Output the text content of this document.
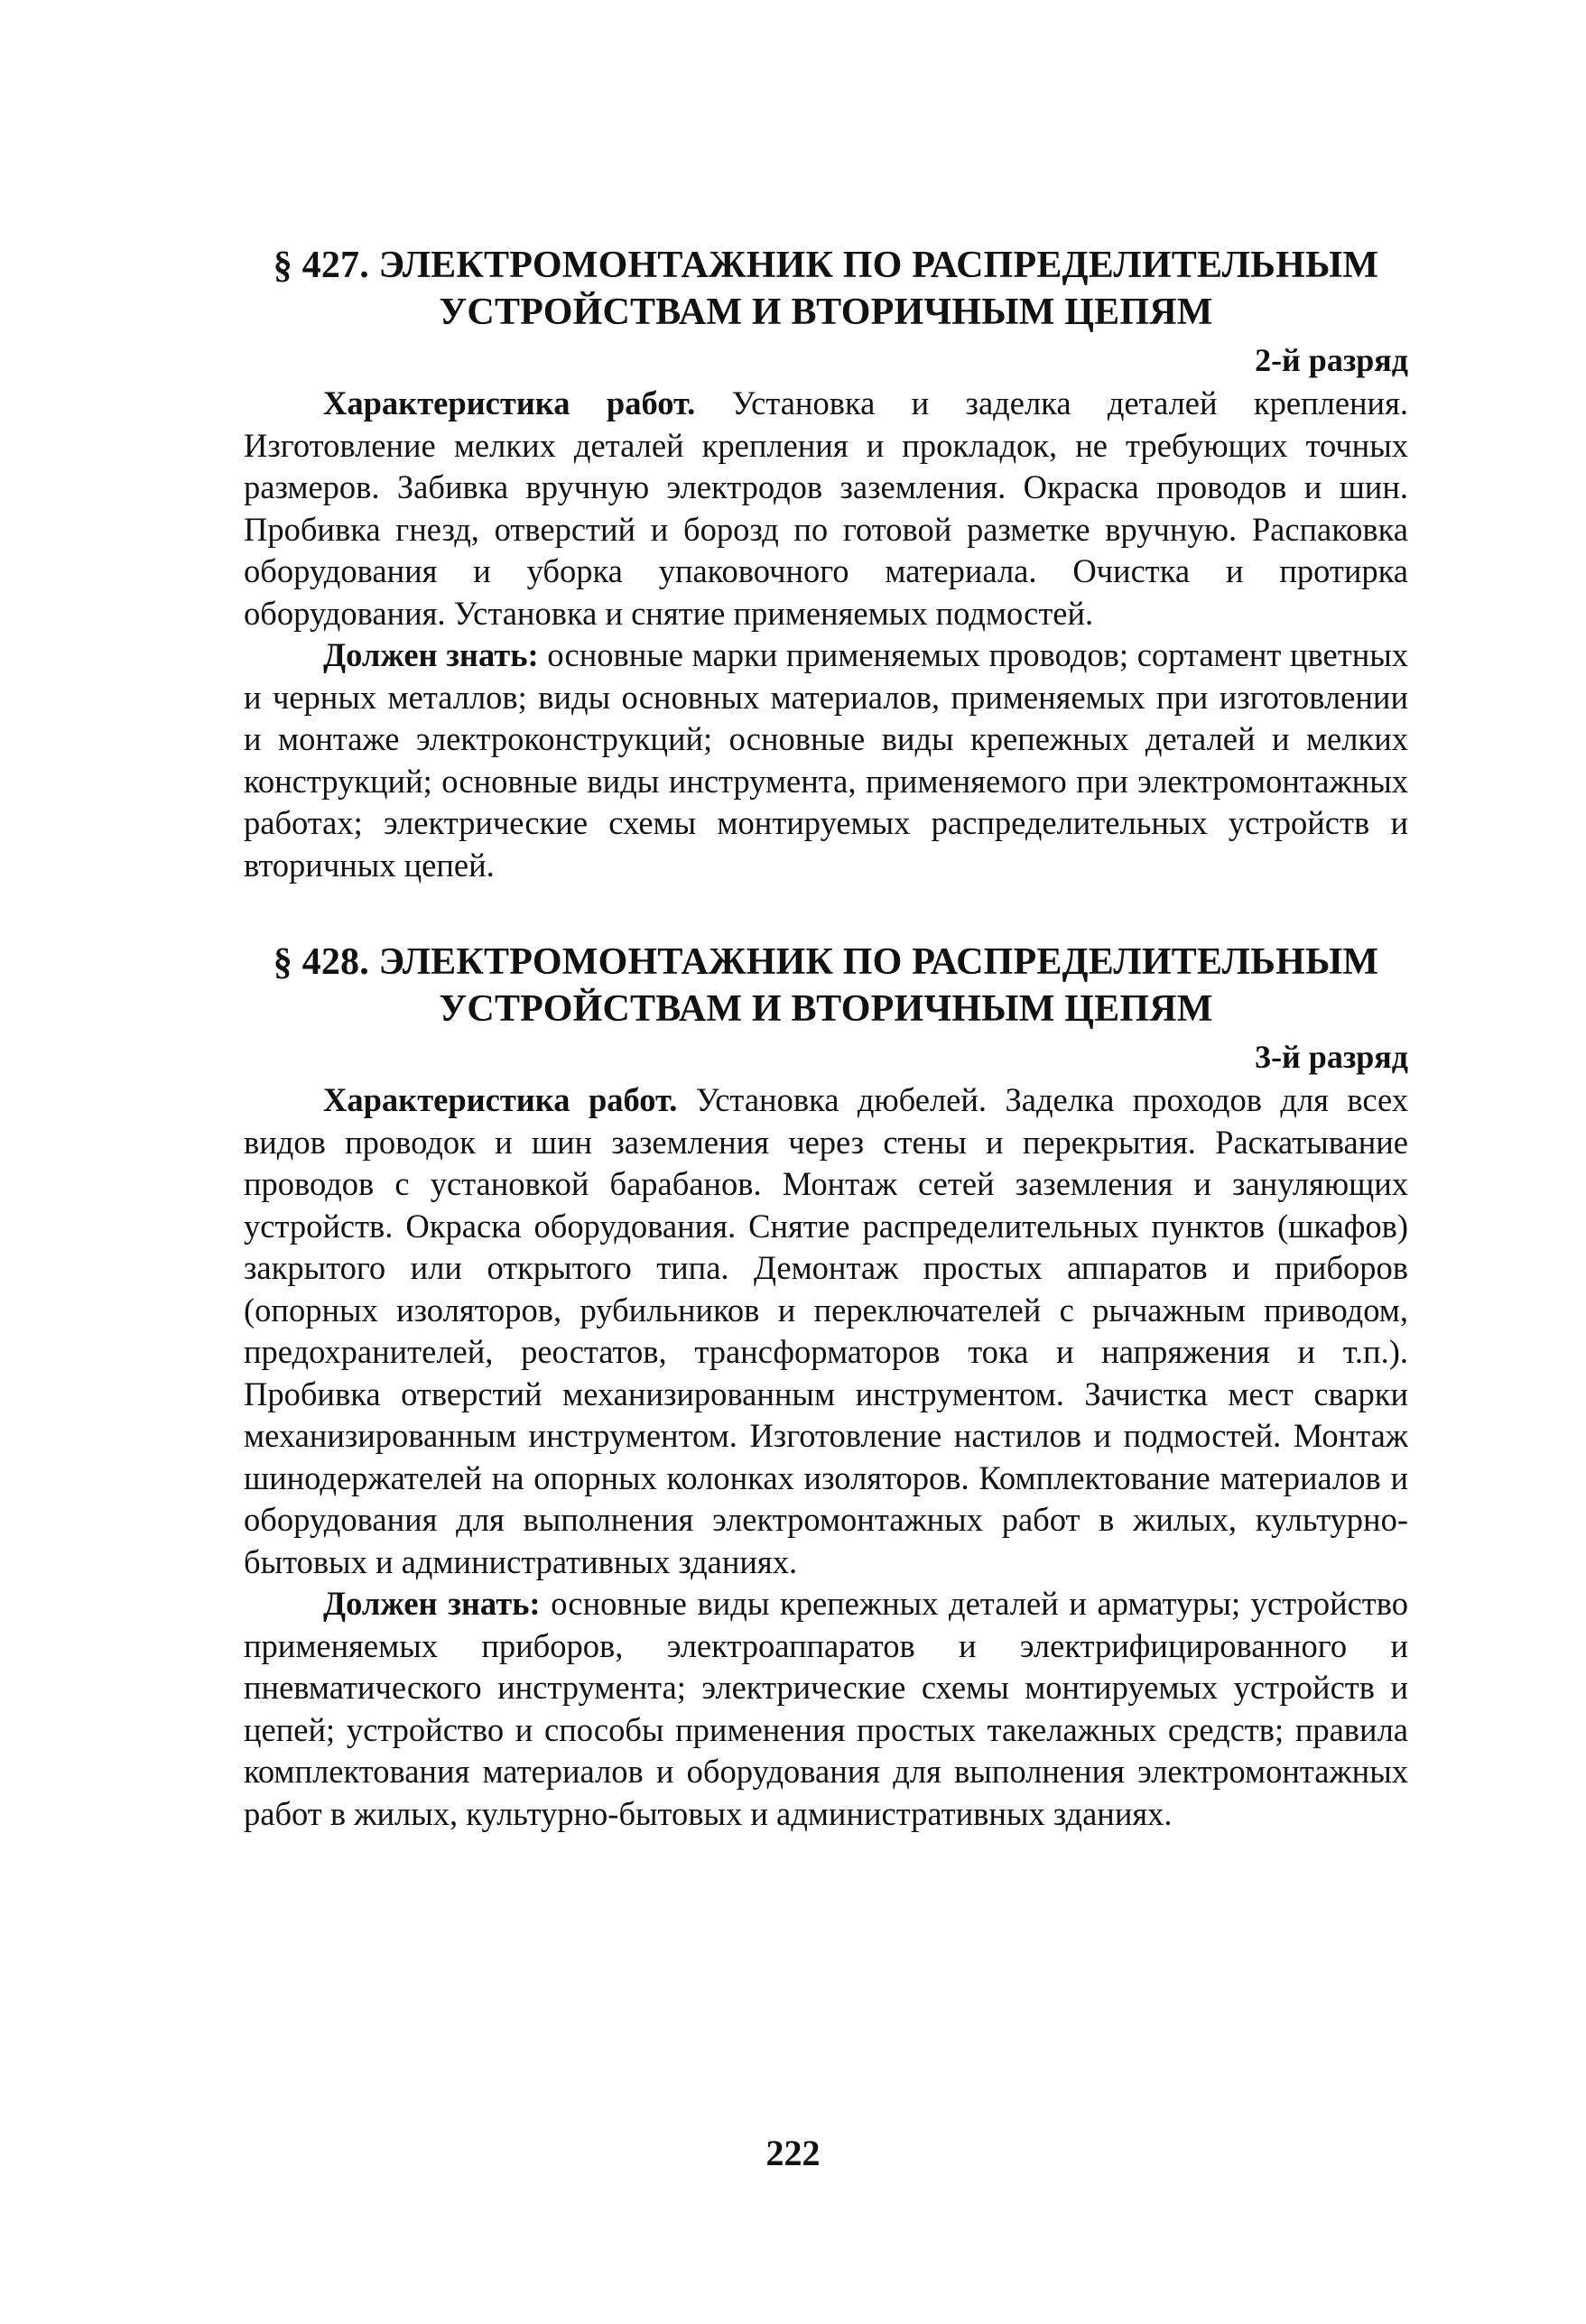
§ 427. ЭЛЕКТРОМОНТАЖНИК ПО РАСПРЕДЕЛИТЕЛЬНЫМ
УСТРОЙСТВАМ И ВТОРИЧНЫМ ЦЕПЯМ
2-й разряд

Характеристика работ. Установка и заделка деталей крепления. Изготовление мелких деталей крепления и прокладок, не требующих точных размеров. Забивка вручную электродов заземления. Окраска проводов и шин. Пробивка гнезд, отверстий и борозд по готовой разметке вручную. Распаковка оборудования и уборка упаковочного материала. Очистка и протирка оборудования. Установка и снятие применяемых подмостей.

Должен знать: основные марки применяемых проводов; сортамент цветных и черных металлов; виды основных материалов, применяемых при изготовлении и монтаже электроконструкций; основные виды крепежных деталей и мелких конструкций; основные виды инструмента, применяемого при электромонтажных работах; электрические схемы монтируемых распределительных устройств и вторичных цепей.

§ 428. ЭЛЕКТРОМОНТАЖНИК ПО РАСПРЕДЕЛИТЕЛЬНЫМ
УСТРОЙСТВАМ И ВТОРИЧНЫМ ЦЕПЯМ
3-й разряд

Характеристика работ. Установка дюбелей. Заделка проходов для всех видов проводок и шин заземления через стены и перекрытия. Раскатывание проводов с установкой барабанов. Монтаж сетей заземления и зануляющих устройств. Окраска оборудования. Снятие распределительных пунктов (шкафов) закрытого или открытого типа. Демонтаж простых аппаратов и приборов (опорных изоляторов, рубильников и переключателей с рычажным приводом, предохранителей, реостатов, трансформаторов тока и напряжения и т.п.). Пробивка отверстий механизированным инструментом. Зачистка мест сварки механизированным инструментом. Изготовление настилов и подмостей. Монтаж шинодержателей на опорных колонках изоляторов. Комплектование материалов и оборудования для выполнения электромонтажных работ в жилых, культурно-бытовых и административных зданиях.

Должен знать: основные виды крепежных деталей и арматуры; устройство применяемых приборов, электроаппаратов и электрифицированного и пневматического инструмента; электрические схемы монтируемых устройств и цепей; устройство и способы применения простых такелажных средств; правила комплектования материалов и оборудования для выполнения электромонтажных работ в жилых, культурно-бытовых и административных зданиях.

222
